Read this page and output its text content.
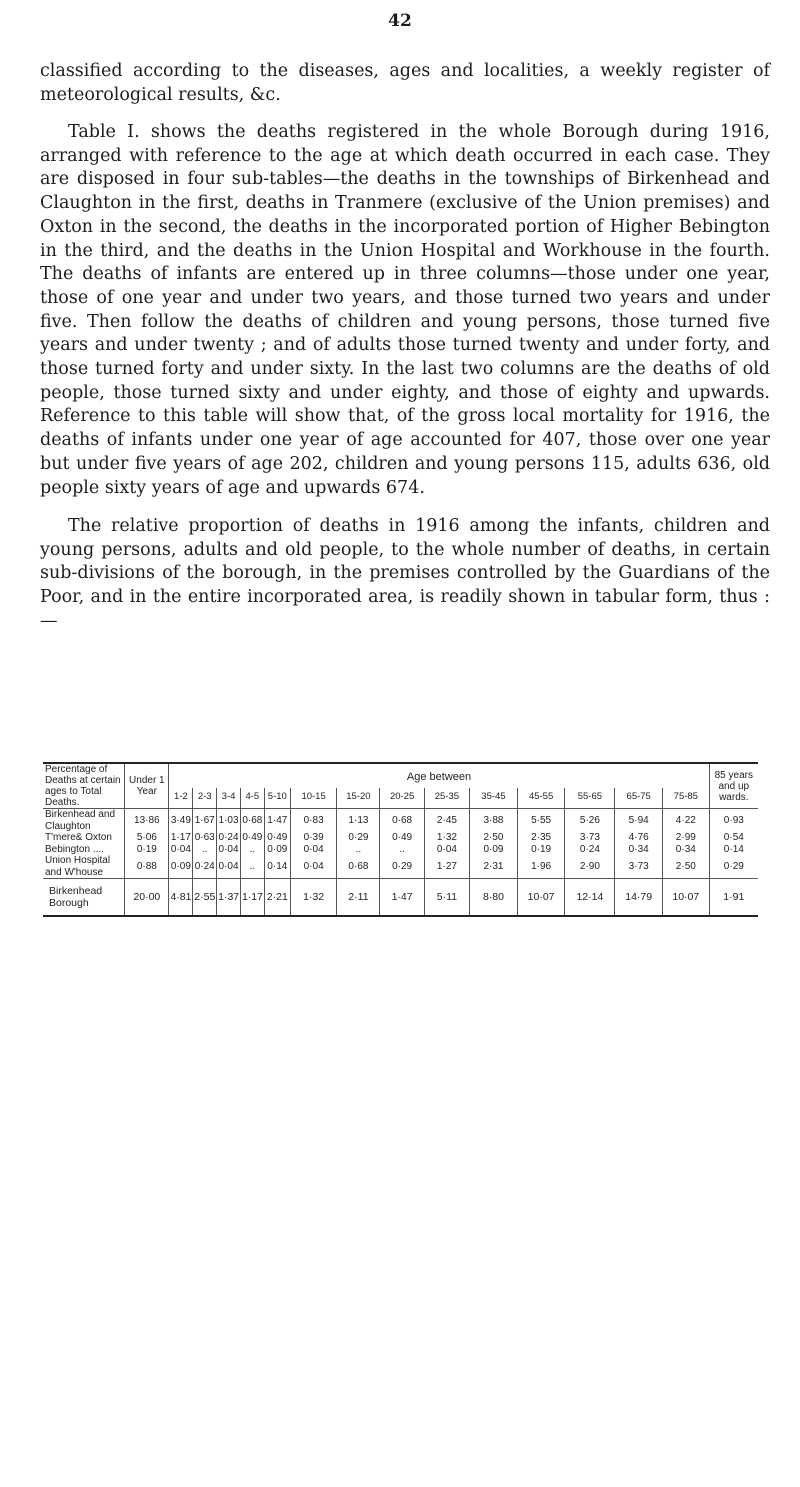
42

classified according to the diseases, ages and localities, a weekly register of meteorological results, &c.

Table I. shows the deaths registered in the whole Borough during 1916, arranged with reference to the age at which death occurred in each case. They are disposed in four sub-tables—the deaths in the townships of Birkenhead and Claughton in the first, deaths in Tranmere (exclusive of the Union premises) and Oxton in the second, the deaths in the incorporated portion of Higher Bebington in the third, and the deaths in the Union Hospital and Workhouse in the fourth. The deaths of infants are entered up in three columns—those under one year, those of one year and under two years, and those turned two years and under five. Then follow the deaths of children and young persons, those turned five years and under twenty ; and of adults those turned twenty and under forty, and those turned forty and under sixty. In the last two columns are the deaths of old people, those turned sixty and under eighty, and those of eighty and upwards. Reference to this table will show that, of the gross local mortality for 1916, the deaths of infants under one year of age accounted for 407, those over one year but under five years of age 202, children and young persons 115, adults 636, old people sixty years of age and upwards 674.

The relative proportion of deaths in 1916 among the infants, children and young persons, adults and old people, to the whole number of deaths, in certain sub-divisions of the borough, in the premises controlled by the Guardians of the Poor, and in the entire incorporated area, is readily shown in tabular form, thus :—

Percentage of Deaths at certain ages to Total Deaths.	Under 1 Year	Age between														85 years and up wards.
		1-2	2-3	3-4	4-5	5-10	10-15	15-20	20-25	25-35	35-45	45-55	55-65	65-75	75-85	
Birkenhead and Claughton	13·86	3·49	1·67	1·03	0·68	1·47	0·83	1·13	0·68	2·45	3·88	5·55	5·26	5·94	4·22	0·93
T'mere& Oxton	5·06	1·17	0·63	0·24	0·49	0·49	0·39	0·29	0·49	1·32	2·50	2·35	3·73	4·76	2·99	0·54
Bebington ....	0·19	0·04	..	0·04	..	0·09	0·04	..	..	0·04	0·09	0·19	0·24	0·34	0·34	0·14
Union Hospital and W'house	0·88	0·09	0·24	0·04	..	0·14	0·04	0·68	0·29	1·27	2·31	1·96	2·90	3·73	2·50	0·29
Birkenhead Borough	20·00	4·81	2·55	1·37	1·17	2·21	1·32	2·11	1·47	5·11	8·80	10·07	12·14	14·79	10·07	1·91
